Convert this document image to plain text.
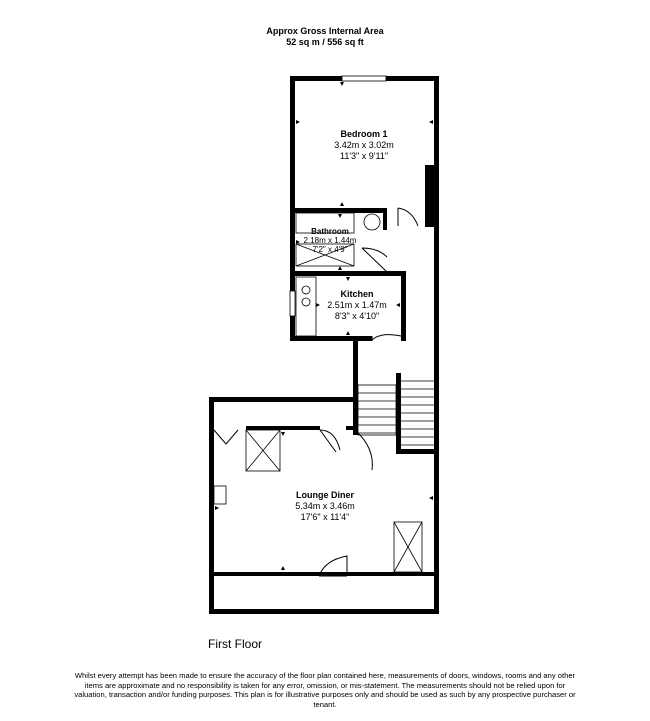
Approx Gross Internal Area
52 sq m / 556 sq ft
Bedroom 1
3.42m x 3.02m
11'3" x 9'11"
Bathroom
2.18m x 1.44m
7'2" x 4'9"
Kitchen
2.51m x 1.47m
8'3" x 4'10"
Lounge Diner
5.34m x 3.46m
17'6" x 11'4"
First Floor
Whilst every attempt has been made to ensure the accuracy of the floor plan contained here, measurements of doors, windows, rooms and any other items are approximate and no responsibility is taken for any error, omission, or mis-statement. The measurements should not be relied upon for valuation, transaction and/or funding purposes. This plan is for illustrative purposes only and should be used as such by any prospective purchaser or tenant.
